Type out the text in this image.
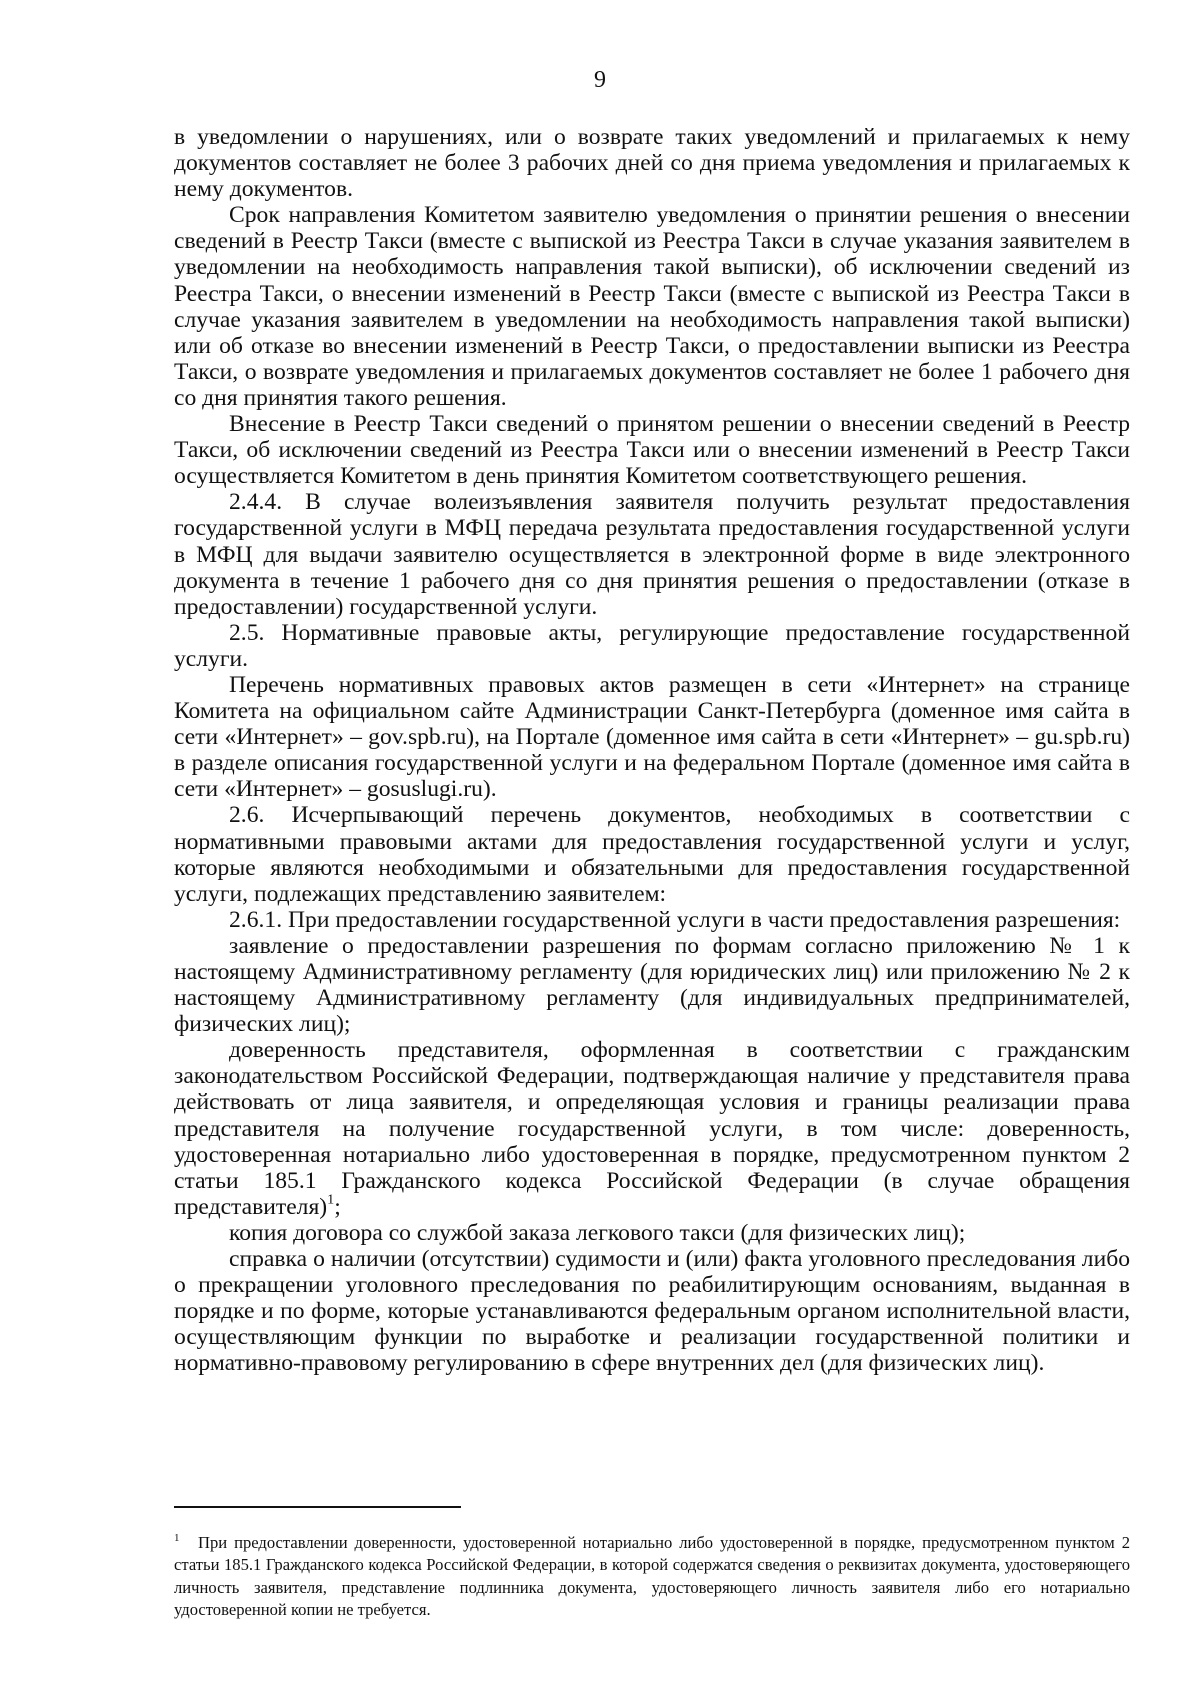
9

в уведомлении о нарушениях, или о возврате таких уведомлений и прилагаемых к нему документов составляет не более 3 рабочих дней со дня приема уведомления и прилагаемых к нему документов.

Срок направления Комитетом заявителю уведомления о принятии решения о внесении сведений в Реестр Такси (вместе с выпиской из Реестра Такси в случае указания заявителем в уведомлении на необходимость направления такой выписки), об исключении сведений из Реестра Такси, о внесении изменений в Реестр Такси (вместе с выпиской из Реестра Такси в случае указания заявителем в уведомлении на необходимость направления такой выписки) или об отказе во внесении изменений в Реестр Такси, о предоставлении выписки из Реестра Такси, о возврате уведомления и прилагаемых документов составляет не более 1 рабочего дня со дня принятия такого решения.

Внесение в Реестр Такси сведений о принятом решении о внесении сведений в Реестр Такси, об исключении сведений из Реестра Такси или о внесении изменений в Реестр Такси осуществляется Комитетом в день принятия Комитетом соответствующего решения.

2.4.4. В случае волеизъявления заявителя получить результат предоставления государственной услуги в МФЦ передача результата предоставления государственной услуги в МФЦ для выдачи заявителю осуществляется в электронной форме в виде электронного документа в течение 1 рабочего дня со дня принятия решения о предоставлении (отказе в предоставлении) государственной услуги.

2.5. Нормативные правовые акты, регулирующие предоставление государственной услуги.

Перечень нормативных правовых актов размещен в сети «Интернет» на странице Комитета на официальном сайте Администрации Санкт-Петербурга (доменное имя сайта в сети «Интернет» – gov.spb.ru), на Портале (доменное имя сайта в сети «Интернет» – gu.spb.ru) в разделе описания государственной услуги и на федеральном Портале (доменное имя сайта в сети «Интернет» – gosuslugi.ru).

2.6. Исчерпывающий перечень документов, необходимых в соответствии с нормативными правовыми актами для предоставления государственной услуги и услуг, которые являются необходимыми и обязательными для предоставления государственной услуги, подлежащих представлению заявителем:

2.6.1. При предоставлении государственной услуги в части предоставления разрешения:

заявление о предоставлении разрешения по формам согласно приложению № 1 к настоящему Административному регламенту (для юридических лиц) или приложению № 2 к настоящему Административному регламенту (для индивидуальных предпринимателей, физических лиц);

доверенность представителя, оформленная в соответствии с гражданским законодательством Российской Федерации, подтверждающая наличие у представителя права действовать от лица заявителя, и определяющая условия и границы реализации права представителя на получение государственной услуги, в том числе: доверенность, удостоверенная нотариально либо удостоверенная в порядке, предусмотренном пунктом 2 статьи 185.1 Гражданского кодекса Российской Федерации (в случае обращения представителя)$^1$;

копия договора со службой заказа легкового такси (для физических лиц);

справка о наличии (отсутствии) судимости и (или) факта уголовного преследования либо о прекращении уголовного преследования по реабилитирующим основаниям, выданная в порядке и по форме, которые устанавливаются федеральным органом исполнительной власти, осуществляющим функции по выработке и реализации государственной политики и нормативно-правовому регулированию в сфере внутренних дел (для физических лиц).

1 При предоставлении доверенности, удостоверенной нотариально либо удостоверенной в порядке, предусмотренном пунктом 2 статьи 185.1 Гражданского кодекса Российской Федерации, в которой содержатся сведения о реквизитах документа, удостоверяющего личность заявителя, представление подлинника документа, удостоверяющего личность заявителя либо его нотариально удостоверенной копии не требуется.
